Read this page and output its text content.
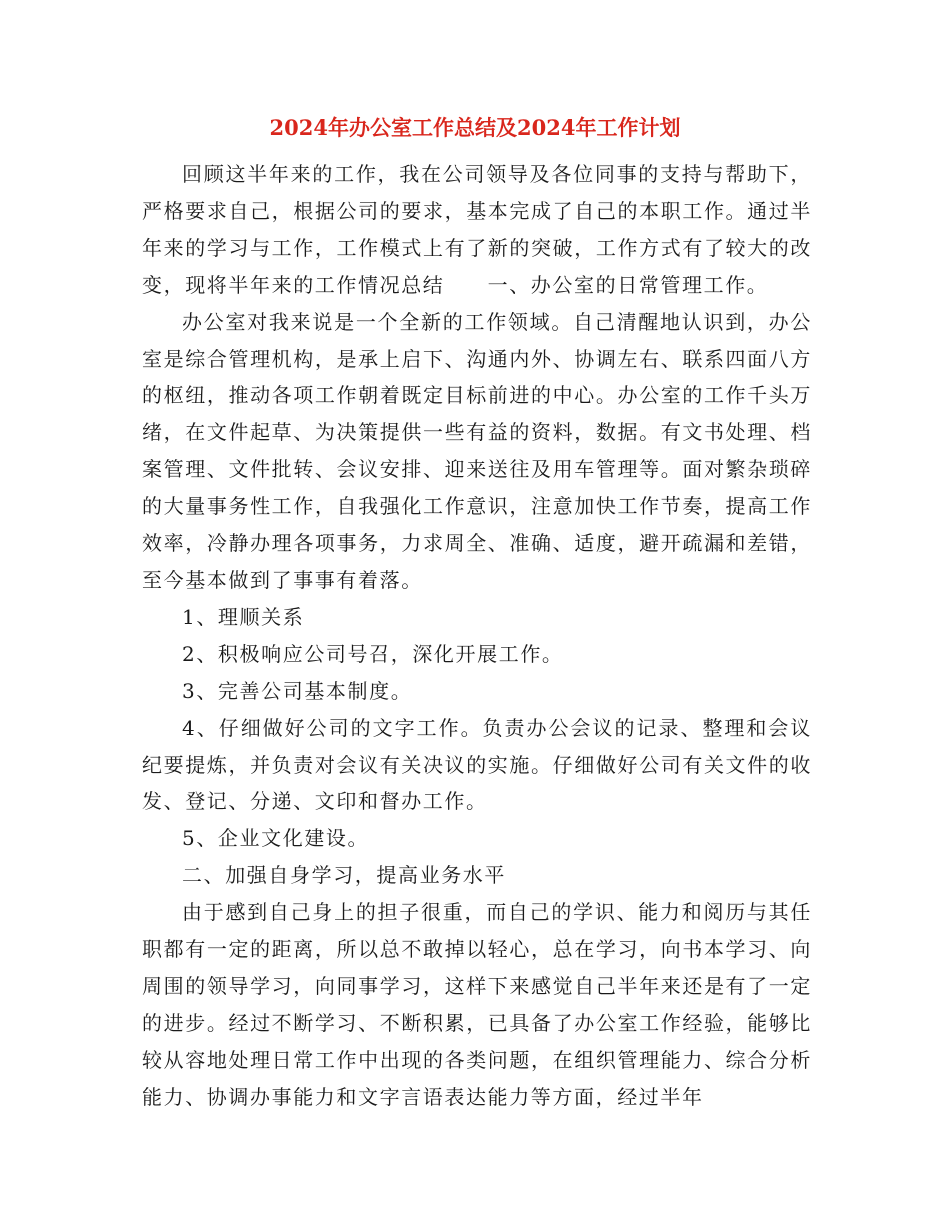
2024年办公室工作总结及2024年工作计划

回顾这半年来的工作，我在公司领导及各位同事的支持与帮助下，严格要求自己，根据公司的要求，基本完成了自己的本职工作。通过半年来的学习与工作，工作模式上有了新的突破，工作方式有了较大的改变，现将半年来的工作情况总结　　一、办公室的日常管理工作。

办公室对我来说是一个全新的工作领域。自己清醒地认识到，办公室是综合管理机构，是承上启下、沟通内外、协调左右、联系四面八方的枢纽，推动各项工作朝着既定目标前进的中心。办公室的工作千头万绪，在文件起草、为决策提供一些有益的资料，数据。有文书处理、档案管理、文件批转、会议安排、迎来送往及用车管理等。面对繁杂琐碎的大量事务性工作，自我强化工作意识，注意加快工作节奏，提高工作效率，冷静办理各项事务，力求周全、准确、适度，避开疏漏和差错，至今基本做到了事事有着落。

1、理顺关系

2、积极响应公司号召，深化开展工作。

3、完善公司基本制度。

4、仔细做好公司的文字工作。负责办公会议的记录、整理和会议纪要提炼，并负责对会议有关决议的实施。仔细做好公司有关文件的收发、登记、分递、文印和督办工作。

5、企业文化建设。

二、加强自身学习，提高业务水平

由于感到自己身上的担子很重，而自己的学识、能力和阅历与其任职都有一定的距离，所以总不敢掉以轻心，总在学习，向书本学习、向周围的领导学习，向同事学习，这样下来感觉自己半年来还是有了一定的进步。经过不断学习、不断积累，已具备了办公室工作经验，能够比较从容地处理日常工作中出现的各类问题，在组织管理能力、综合分析能力、协调办事能力和文字言语表达能力等方面，经过半年
